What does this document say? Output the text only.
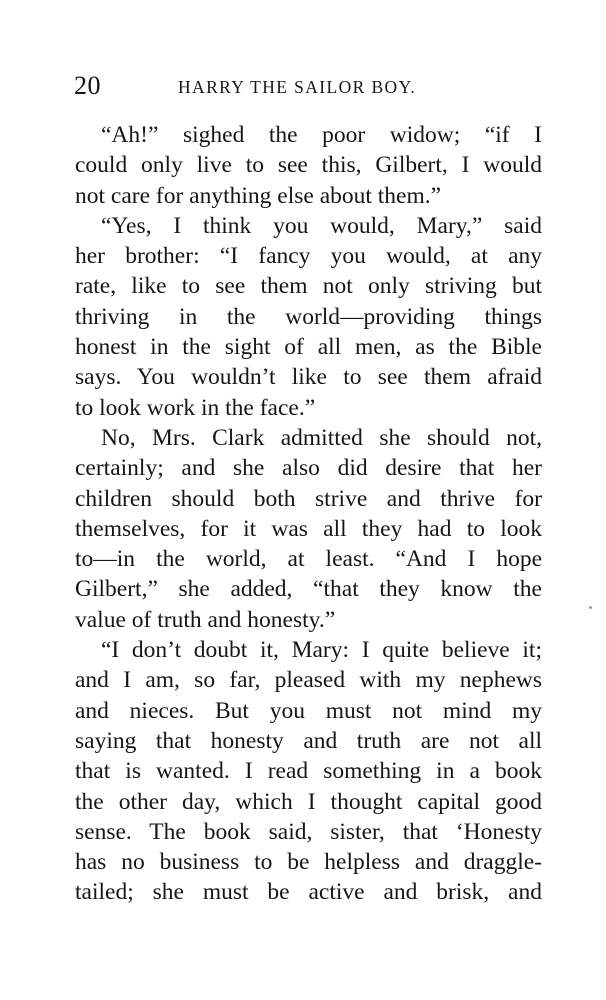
20	HARRY THE SAILOR BOY.
“Ah!” sighed the poor widow; “if I
could only live to see this, Gilbert, I would
not care for anything else about them.”
“Yes, I think you would, Mary,” said
her brother: “I fancy you would, at any
rate, like to see them not only striving but
thriving in the world—providing things
honest in the sight of all men, as the Bible
says. You wouldn’t like to see them afraid
to look work in the face.”
No, Mrs. Clark admitted she should not,
certainly; and she also did desire that her
children should both strive and thrive for
themselves, for it was all they had to look
to—in the world, at least. “And I hope
Gilbert,” she added, “that they know the
value of truth and honesty.”
“I don’t doubt it, Mary: I quite believe it;
and I am, so far, pleased with my nephews
and nieces. But you must not mind my
saying that honesty and truth are not all
that is wanted. I read something in a book
the other day, which I thought capital good
sense. The book said, sister, that ‘Honesty
has no business to be helpless and draggle-
tailed; she must be active and brisk, and
